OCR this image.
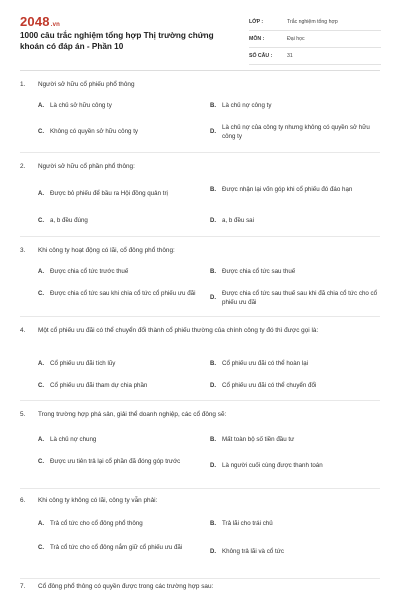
2048.vn
1000 câu trắc nghiệm tổng hợp Thị trường chứng khoán có đáp án - Phần 10
LỚP :	Trắc nghiệm tổng hợp
MÔN :	Đại học
SỐ CÂU :	31
1.	Người sở hữu cổ phiếu phổ thông
A. Là chủ sở hữu công ty	B. Là chủ nợ công ty
C. Không có quyền sở hữu công ty	D.
Là chủ nợ của công ty nhưng không có quyền sở hữu công ty
2.	Người sở hữu cổ phần phổ thông:
A. Được bỏ phiếu để bầu ra Hội đồng quản trị	B. Được nhận lại vốn góp khi cổ phiếu đó đáo hạn
C. a, b đều đúng	D. a, b đều sai
3.	Khi công ty hoạt động có lãi, cổ đông phổ thông:
A. Được chia cổ tức trước thuế	B. Được chia cổ tức sau thuế
C. Được chia cổ tức sau khi chia cổ tức cổ phiếu ưu đãi
D.
Được chia cổ tức sau thuế sau khi đã chia cổ tức cho cổ phiếu ưu đãi
4.	Một cổ phiếu ưu đãi có thể chuyển đổi thành cổ phiếu thường của chính công ty đó thì được gọi là:
A. Cổ phiếu ưu đãi tích lũy	B. Cổ phiếu ưu đãi có thể hoàn lại
C. Cổ phiếu ưu đãi tham dự chia phần	D. Cổ phiếu ưu đãi có thể chuyển đổi
5.	Trong trường hợp phá sản, giải thể doanh nghiệp, các cổ đông sẽ:
A. Là chủ nợ chung	B. Mất toàn bộ số tiền đầu tư
C. Được ưu tiên trả lại cổ phần đã đóng góp trước
D. Là người cuối cùng được thanh toán
6.	Khi công ty không có lãi, công ty vẫn phải:
A. Trả cổ tức cho cổ đông phổ thông	B. Trả lãi cho trái chủ
C. Trả cổ tức cho cổ đông nắm giữ cổ phiếu ưu đãi
D. Không trả lãi và cổ tức
7.	Cổ đông phổ thông có quyền được trong các trường hợp sau:
